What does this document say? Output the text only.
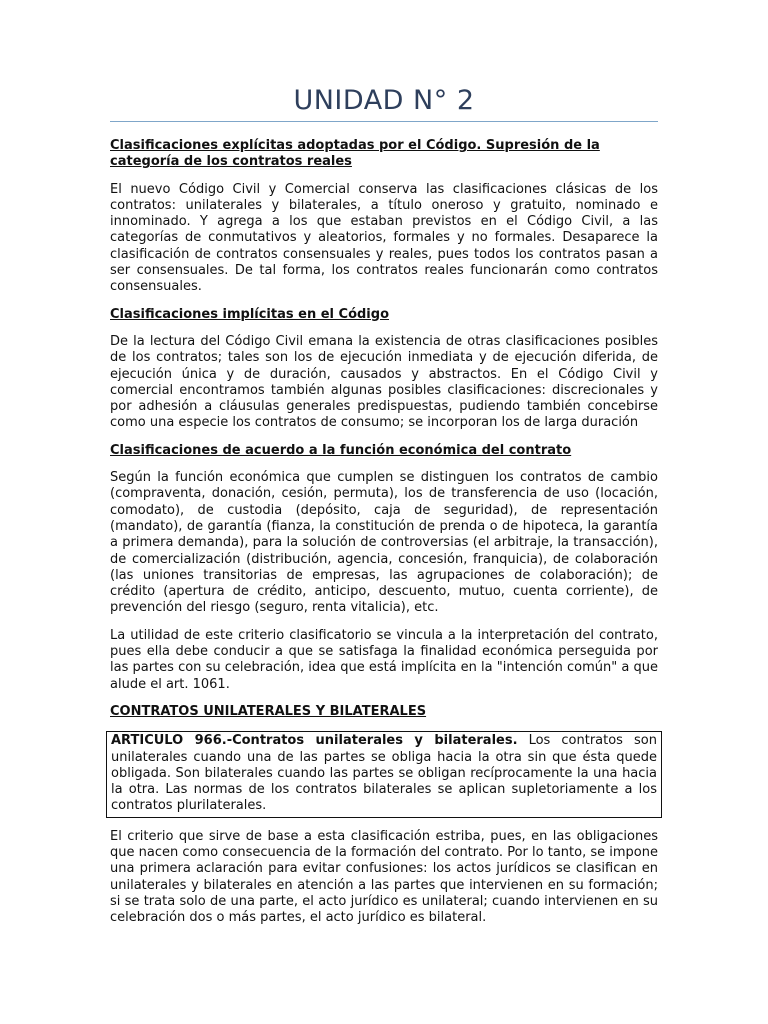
UNIDAD N° 2

Clasificaciones explícitas adoptadas por el Código. Supresión de la categoría de los contratos reales

El nuevo Código Civil y Comercial conserva las clasificaciones clásicas de los contratos: unilaterales y bilaterales, a título oneroso y gratuito, nominado e innominado. Y agrega a los que estaban previstos en el Código Civil, a las categorías de conmutativos y aleatorios, formales y no formales. Desaparece la clasificación de contratos consensuales y reales, pues todos los contratos pasan a ser consensuales. De tal forma, los contratos reales funcionarán como contratos consensuales.

Clasificaciones implícitas en el Código

De la lectura del Código Civil emana la existencia de otras clasificaciones posibles de los contratos; tales son los de ejecución inmediata y de ejecución diferida, de ejecución única y de duración, causados y abstractos. En el Código Civil y comercial encontramos también algunas posibles clasificaciones: discrecionales y por adhesión a cláusulas generales predispuestas, pudiendo también concebirse como una especie los contratos de consumo; se incorporan los de larga duración

Clasificaciones de acuerdo a la función económica del contrato

Según la función económica que cumplen se distinguen los contratos de cambio (compraventa, donación, cesión, permuta), los de transferencia de uso (locación, comodato), de custodia (depósito, caja de seguridad), de representación (mandato), de garantía (fianza, la constitución de prenda o de hipoteca, la garantía a primera demanda), para la solución de controversias (el arbitraje, la transacción), de comercialización (distribución, agencia, concesión, franquicia), de colaboración (las uniones transitorias de empresas, las agrupaciones de colaboración); de crédito (apertura de crédito, anticipo, descuento, mutuo, cuenta corriente), de prevención del riesgo (seguro, renta vitalicia), etc.

La utilidad de este criterio clasificatorio se vincula a la interpretación del contrato, pues ella debe conducir a que se satisfaga la finalidad económica perseguida por las partes con su celebración, idea que está implícita en la "intención común" a que alude el art. 1061.

CONTRATOS UNILATERALES Y BILATERALES

ARTICULO 966.-Contratos unilaterales y bilaterales. Los contratos son unilaterales cuando una de las partes se obliga hacia la otra sin que ésta quede obligada. Son bilaterales cuando las partes se obligan recíprocamente la una hacia la otra. Las normas de los contratos bilaterales se aplican supletoriamente a los contratos plurilaterales.

El criterio que sirve de base a esta clasificación estriba, pues, en las obligaciones que nacen como consecuencia de la formación del contrato. Por lo tanto, se impone una primera aclaración para evitar confusiones: los actos jurídicos se clasifican en unilaterales y bilaterales en atención a las partes que intervienen en su formación; si se trata solo de una parte, el acto jurídico es unilateral; cuando intervienen en su celebración dos o más partes, el acto jurídico es bilateral.
